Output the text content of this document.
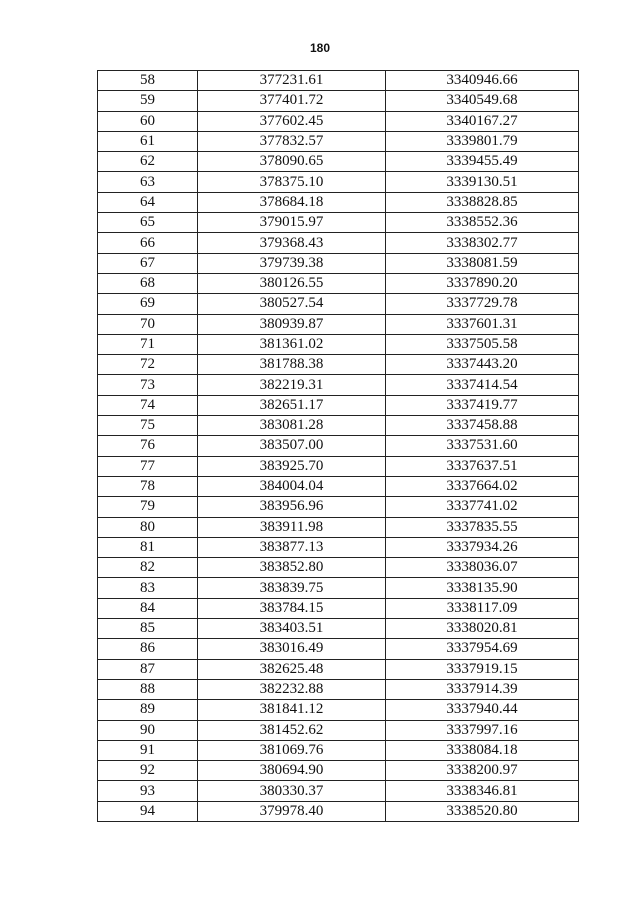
180
58	377231.61	3340946.66
59	377401.72	3340549.68
60	377602.45	3340167.27
61	377832.57	3339801.79
62	378090.65	3339455.49
63	378375.10	3339130.51
64	378684.18	3338828.85
65	379015.97	3338552.36
66	379368.43	3338302.77
67	379739.38	3338081.59
68	380126.55	3337890.20
69	380527.54	3337729.78
70	380939.87	3337601.31
71	381361.02	3337505.58
72	381788.38	3337443.20
73	382219.31	3337414.54
74	382651.17	3337419.77
75	383081.28	3337458.88
76	383507.00	3337531.60
77	383925.70	3337637.51
78	384004.04	3337664.02
79	383956.96	3337741.02
80	383911.98	3337835.55
81	383877.13	3337934.26
82	383852.80	3338036.07
83	383839.75	3338135.90
84	383784.15	3338117.09
85	383403.51	3338020.81
86	383016.49	3337954.69
87	382625.48	3337919.15
88	382232.88	3337914.39
89	381841.12	3337940.44
90	381452.62	3337997.16
91	381069.76	3338084.18
92	380694.90	3338200.97
93	380330.37	3338346.81
94	379978.40	3338520.80
